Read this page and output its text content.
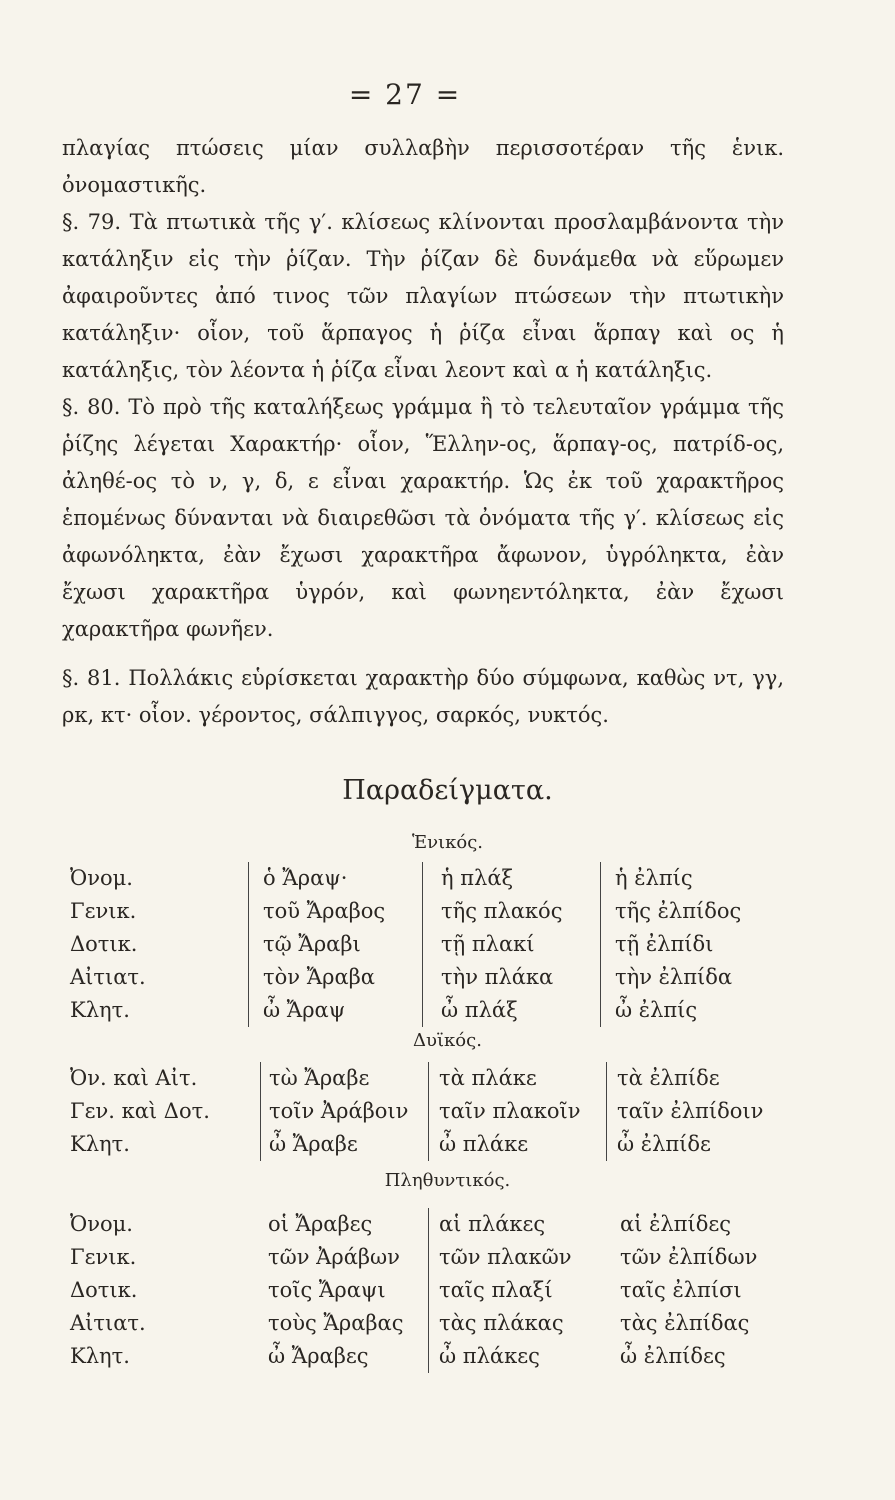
= 27 =

πλαγίας πτώσεις μίαν συλλαβὴν περισσοτέραν τῆς ἑνικ. ὀνομαστικῆς.

§. 79. Τὰ πτωτικὰ τῆς γ′. κλίσεως κλίνονται προσλαμβάνοντα τὴν κατάληξιν εἰς τὴν ῥίζαν. Τὴν ῥίζαν δὲ δυνάμεθα νὰ εὕρωμεν ἀφαιροῦντες ἀπό τινος τῶν πλαγίων πτώσεων τὴν πτωτικὴν κατάληξιν· οἷον, τοῦ ἅρπαγος ἡ ῥίζα εἶναι ἅρπαγ καὶ ος ἡ κατάληξις, τὸν λέοντα ἡ ῥίζα εἶναι λεοντ καὶ α ἡ κατάληξις.

§. 80. Τὸ πρὸ τῆς καταλήξεως γράμμα ἢ τὸ τελευταῖον γράμμα τῆς ῥίζης λέγεται Χαρακτήρ· οἷον, Ἕλλην-ος, ἅρπαγ-ος, πατρίδ-ος, ἀληθέ-ος τὸ ν, γ, δ, ε εἶναι χαρακτήρ. Ὡς ἐκ τοῦ χαρακτῆρος ἑπομένως δύνανται νὰ διαιρεθῶσι τὰ ὀνόματα τῆς γ′. κλίσεως εἰς ἀφωνόληκτα, ἐὰν ἔχωσι χαρακτῆρα ἄφωνον, ὑγρόληκτα, ἐὰν ἔχωσι χαρακτῆρα ὑγρόν, καὶ φωνηεντόληκτα, ἐὰν ἔχωσι χαρακτῆρα φωνῆεν.

§. 81. Πολλάκις εὑρίσκεται χαρακτὴρ δύο σύμφωνα, καθὼς ντ, γγ, ρκ, κτ· οἷον. γέροντος, σάλπιγγος, σαρκός, νυκτός.

Παραδείγματα.
Ἑνικός.
Ὀνομ.	ὁ Ἄραψ·	ἡ πλάξ	ἡ ἐλπίς
Γενικ.	τοῦ Ἄραβος	τῆς πλακός	τῆς ἐλπίδος
Δοτικ.	τῷ Ἄραβι	τῇ πλακί	τῇ ἐλπίδι
Αἰτιατ.	τὸν Ἄραβα	τὴν πλάκα	τὴν ἐλπίδα
Κλητ.	ὦ Ἄραψ	ὦ πλάξ	ὦ ἐλπίς
Δυϊκός.
Ὀν. καὶ Αἰτ.	τὼ Ἄραβε	τὰ πλάκε	τὰ ἐλπίδε
Γεν. καὶ Δοτ.	τοῖν Ἀράβοιν	ταῖν πλακοῖν	ταῖν ἐλπίδοιν
Κλητ.	ὦ Ἄραβε	ὦ πλάκε	ὦ ἐλπίδε
Πληθυντικός.
Ὀνομ.	οἱ Ἄραβες	αἱ πλάκες	αἱ ἐλπίδες
Γενικ.	τῶν Ἀράβων	τῶν πλακῶν	τῶν ἐλπίδων
Δοτικ.	τοῖς Ἄραψι	ταῖς πλαξί	ταῖς ἐλπίσι
Αἰτιατ.	τοὺς Ἄραβας	τὰς πλάκας	τὰς ἐλπίδας
Κλητ.	ὦ Ἄραβες	ὦ πλάκες	ὦ ἐλπίδες
